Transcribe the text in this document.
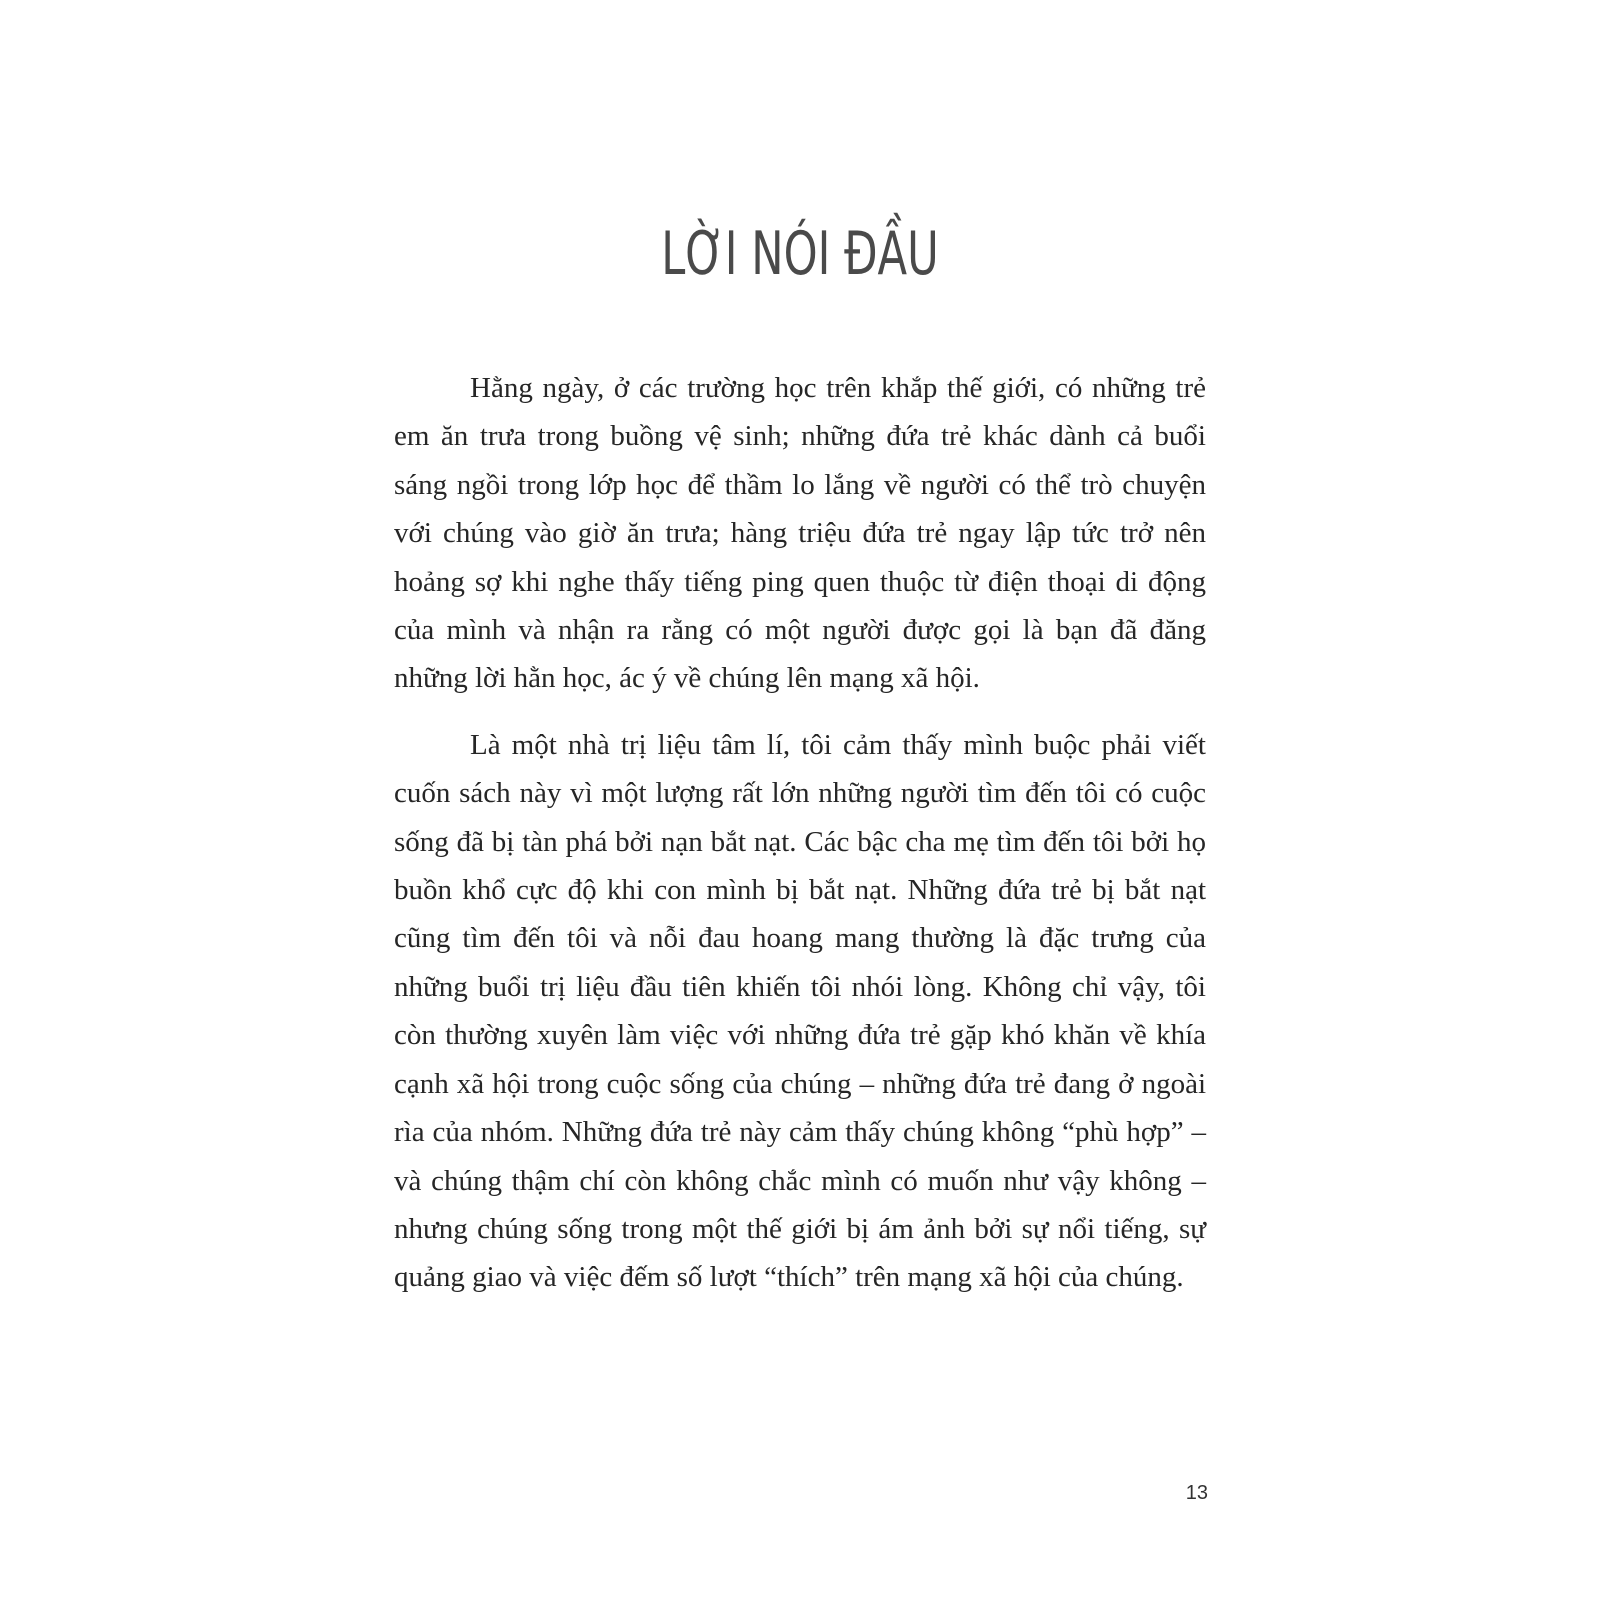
LỜI NÓI ĐẦU

Hằng ngày, ở các trường học trên khắp thế giới, có những trẻ em ăn trưa trong buồng vệ sinh; những đứa trẻ khác dành cả buổi sáng ngồi trong lớp học để thầm lo lắng về người có thể trò chuyện với chúng vào giờ ăn trưa; hàng triệu đứa trẻ ngay lập tức trở nên hoảng sợ khi nghe thấy tiếng ping quen thuộc từ điện thoại di động của mình và nhận ra rằng có một người được gọi là bạn đã đăng những lời hằn học, ác ý về chúng lên mạng xã hội.

Là một nhà trị liệu tâm lí, tôi cảm thấy mình buộc phải viết cuốn sách này vì một lượng rất lớn những người tìm đến tôi có cuộc sống đã bị tàn phá bởi nạn bắt nạt. Các bậc cha mẹ tìm đến tôi bởi họ buồn khổ cực độ khi con mình bị bắt nạt. Những đứa trẻ bị bắt nạt cũng tìm đến tôi và nỗi đau hoang mang thường là đặc trưng của những buổi trị liệu đầu tiên khiến tôi nhói lòng. Không chỉ vậy, tôi còn thường xuyên làm việc với những đứa trẻ gặp khó khăn về khía cạnh xã hội trong cuộc sống của chúng – những đứa trẻ đang ở ngoài rìa của nhóm. Những đứa trẻ này cảm thấy chúng không “phù hợp” – và chúng thậm chí còn không chắc mình có muốn như vậy không – nhưng chúng sống trong một thế giới bị ám ảnh bởi sự nổi tiếng, sự quảng giao và việc đếm số lượt “thích” trên mạng xã hội của chúng.

13
